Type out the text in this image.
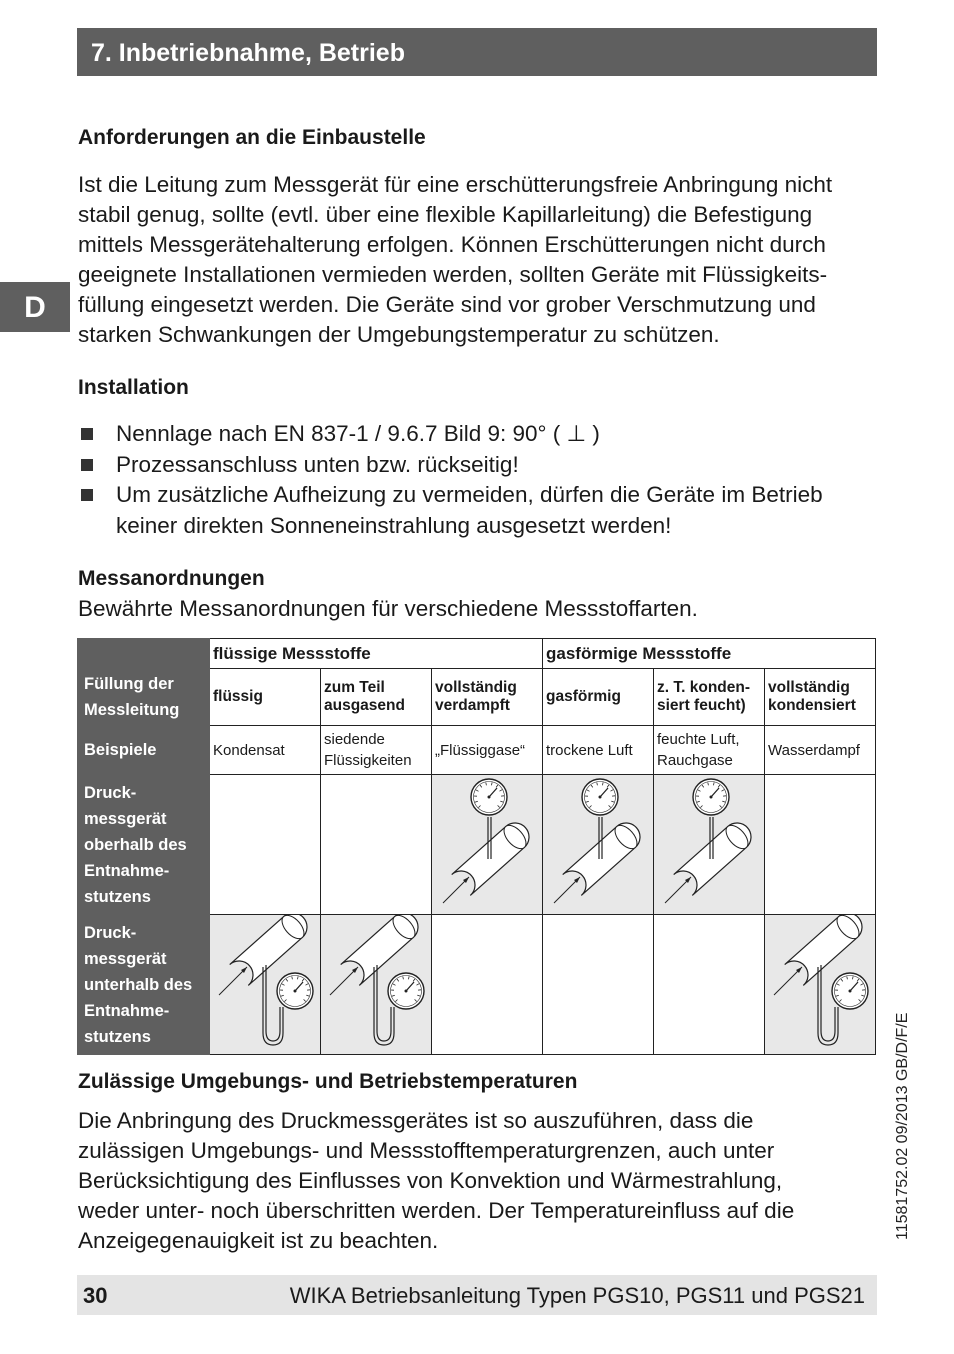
7. Inbetriebnahme, Betrieb
D
11581752.02 09/2013 GB/D/F/E
Anforderungen an die Einbaustelle
Ist die Leitung zum Messgerät für eine erschütterungsfreie Anbringung nicht
stabil genug, sollte (evtl. über eine flexible Kapillarleitung) die Befestigung
mittels Messgerätehalterung erfolgen. Können Erschütterungen nicht durch
geeignete Installationen vermieden werden, sollten Geräte mit Flüssigkeits-
füllung eingesetzt werden. Die Geräte sind vor grober Verschmutzung und
starken Schwankungen der Umgebungstemperatur zu schützen.
Installation
Nennlage nach EN 837-1 / 9.6.7 Bild 9: 90° ( ⊥ )
Prozessanschluss unten bzw. rückseitig!
Um zusätzliche Aufheizung zu vermeiden, dürfen die Geräte im Betrieb keiner direkten Sonneneinstrahlung ausgesetzt werden!
Messanordnungen

Bewährte Messanordnungen für verschiedene Messstoffarten.

	flüssige Messstoffe			gasförmige Messstoffe		
Füllung der Messleitung	flüssig	zum Teil ausgasend	vollständig verdampft	gasförmig	z. T. konden-siert feucht)	vollständig kondensiert
Beispiele	Kondensat	siedende Flüssigkeiten	„Flüssiggase“	trockene Luft	feuchte Luft, Rauchgase	Wasserdampf
Druck-messgerät oberhalb des Entnahme-stutzens						
Druck-messgerät unterhalb des Entnahme-stutzens						
Zulässige Umgebungs- und Betriebstemperaturen
Die Anbringung des Druckmessgerätes ist so auszuführen, dass die
zulässigen Umgebungs- und Messstofftemperaturgrenzen, auch unter
Berücksichtigung des Einflusses von Konvektion und Wärmestrahlung,
weder unter- noch überschritten werden. Der Temperatureinfluss auf die
Anzeigegenauigkeit ist zu beachten.
30	WIKA Betriebsanleitung Typen PGS10, PGS11 und PGS21
